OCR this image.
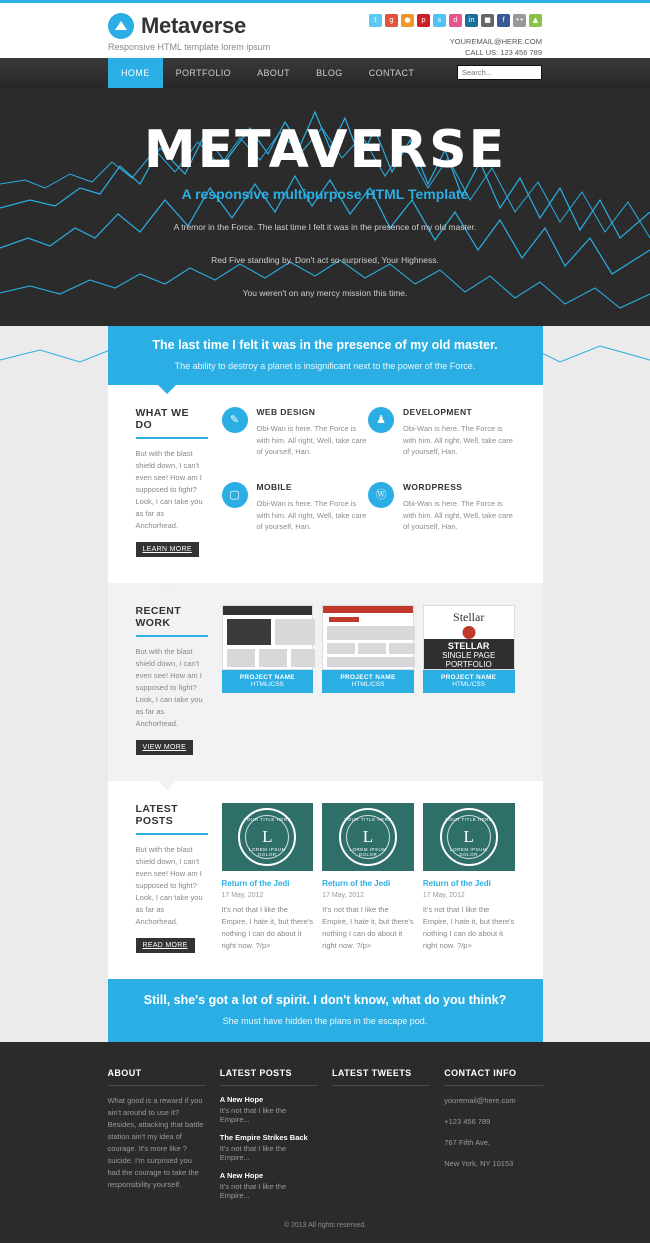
Metaverse
Responsive HTML template lorem ipsum
t	g	●	p	s	d	in	■	f	••	▲
YOUREMAIL@HERE.COM
CALL US: 123 456 789
HOME	PORTFOLIO	ABOUT	BLOG	CONTACT
Search...
METAVERSE
A responsive multipurpose HTML Template

A tremor in the Force. The last time I felt it was in the presence of my old master.

Red Five standing by. Don't act so surprised, Your Highness.

You weren't on any mercy mission this time.

The last time I felt it was in the presence of my old master.

The ability to destroy a planet is insignificant next to the power of the Force.

WHAT WE DO

But with the blast shield down, I can't even see! How am I supposed to fight? Look, I can take you as far as Anchorhead.

LEARN MORE
✎
WEB DESIGN

Obi-Wan is here. The Force is with him. All right, Well, take care of yourself, Han.

♟
DEVELOPMENT

Obi-Wan is here. The Force is with him. All right, Well, take care of yourself, Han.

▢
MOBILE

Obi-Wan is here. The Force is with him. All right, Well, take care of yourself, Han.

Ⓦ
WORDPRESS

Obi-Wan is here. The Force is with him. All right, Well, take care of yourself, Han.

RECENT WORK

But with the blast shield down, I can't even see! How am I supposed to fight? Look, I can take you as far as Anchorhead.

VIEW MORE
PROJECT NAME
HTML/CSS
PROJECT NAME
HTML/CSS
Stellar
STELLAR
SINGLE PAGE PORTFOLIO
PROJECT NAME
HTML/CSS
LATEST POSTS

But with the blast shield down, I can't even see! How am I supposed to fight? Look, I can take you as far as Anchorhead.

READ MORE
YOUR TITLE HERE
L
LOREM IPSUM DOLOR
Return of the Jedi
17 May, 2012

It's not that I like the Empire, I hate it, but there's nothing I can do about it right now. ?/p>

YOUR TITLE HERE
L
LOREM IPSUM DOLOR
Return of the Jedi
17 May, 2012

It's not that I like the Empire, I hate it, but there's nothing I can do about it right now. ?/p>

YOUR TITLE HERE
L
LOREM IPSUM DOLOR
Return of the Jedi
17 May, 2012

It's not that I like the Empire, I hate it, but there's nothing I can do about it right now. ?/p>

Still, she's got a lot of spirit. I don't know, what do you think?

She must have hidden the plans in the escape pod.

ABOUT

What good is a reward if you ain't around to use it? Besides, attacking that battle station ain't my idea of courage. It's more like ?suicide. I'm surprised you had the courage to take the responsibility yourself.

LATEST POSTS
A New Hope
It's not that I like the Empire...
The Empire Strikes Back
It's not that I like the Empire...
A New Hope
It's not that I like the Empire...
LATEST TWEETS	CONTACT INFO
youremail@here.com
+123 456 789
767 Fifth Ave,
New York, NY 10153
© 2013 All rights reserved.
